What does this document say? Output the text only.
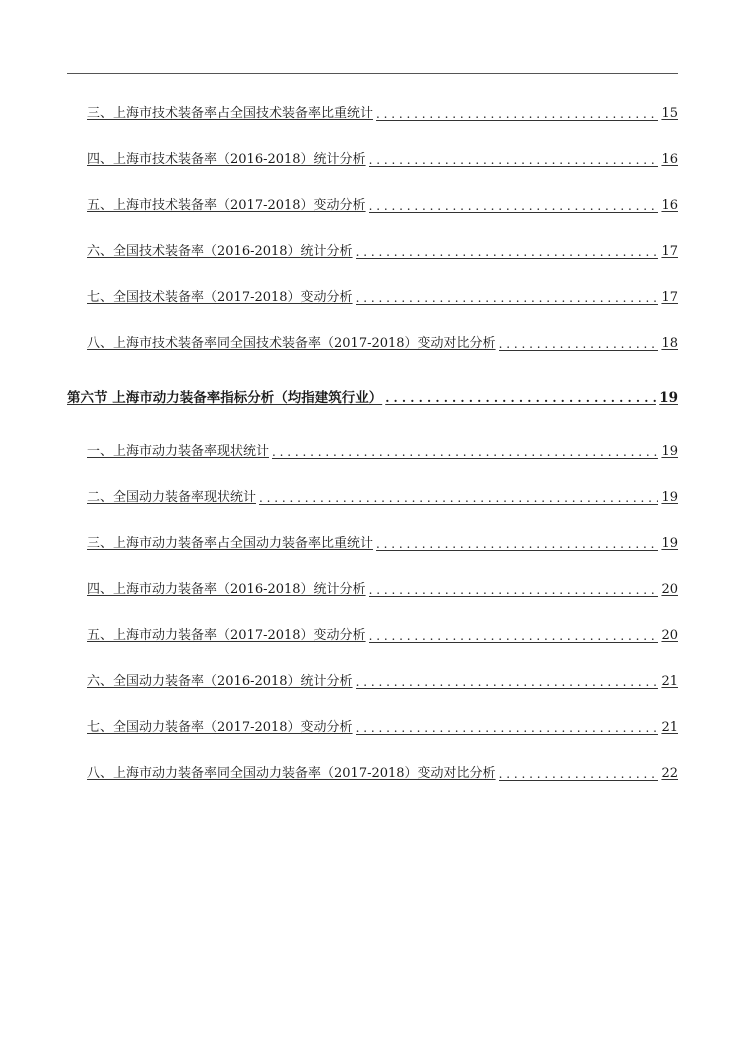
三、上海市技术装备率占全国技术装备率比重统计 . . .	15
四、上海市技术装备率（2016-2018）统计分析 . . .	16
五、上海市技术装备率（2017-2018）变动分析 . . .	16
六、全国技术装备率（2016-2018）统计分析 . . .	17
七、全国技术装备率（2017-2018）变动分析 . . .	17
八、上海市技术装备率同全国技术装备率（2017-2018）变动对比分析 . . .	18
第六节 上海市动力装备率指标分析（均指建筑行业） . . .	19
一、上海市动力装备率现状统计 . . .	19
二、全国动力装备率现状统计 . . .	19
三、上海市动力装备率占全国动力装备率比重统计 . . .	19
四、上海市动力装备率（2016-2018）统计分析 . . .	20
五、上海市动力装备率（2017-2018）变动分析 . . .	20
六、全国动力装备率（2016-2018）统计分析 . . .	21
七、全国动力装备率（2017-2018）变动分析 . . .	21
八、上海市动力装备率同全国动力装备率（2017-2018）变动对比分析 . . .	22
